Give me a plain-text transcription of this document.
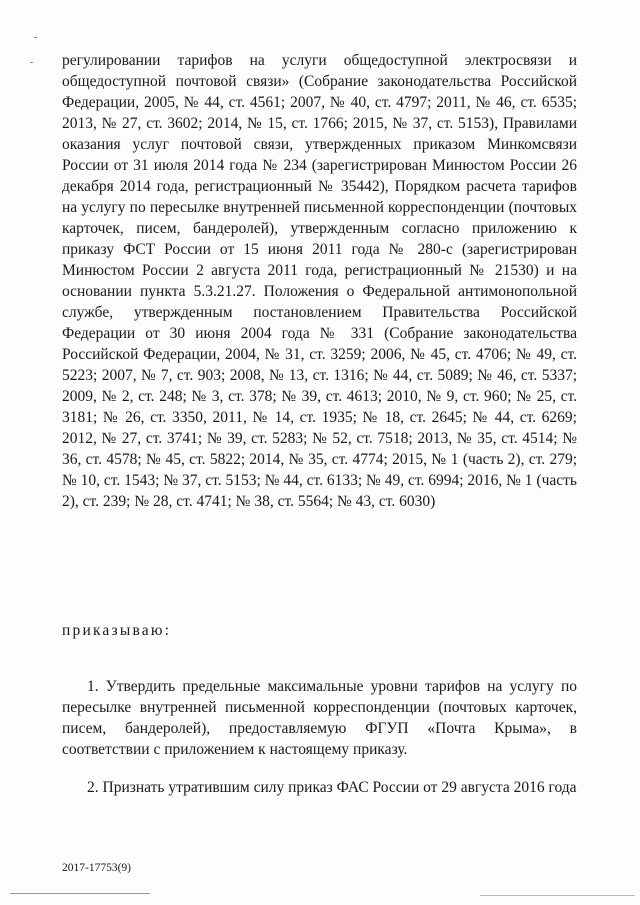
регулировании тарифов на услуги общедоступной электросвязи и общедоступной почтовой связи» (Собрание законодательства Российской Федерации, 2005, № 44, ст. 4561; 2007, № 40, ст. 4797; 2011, № 46, ст. 6535; 2013, № 27, ст. 3602; 2014, № 15, ст. 1766; 2015, № 37, ст. 5153), Правилами оказания услуг почтовой связи, утвержденных приказом Минкомсвязи России от 31 июля 2014 года № 234 (зарегистрирован Минюстом России 26 декабря 2014 года, регистрационный № 35442), Порядком расчета тарифов на услугу по пересылке внутренней письменной корреспонденции (почтовых карточек, писем, бандеролей), утвержденным согласно приложению к приказу ФСТ России от 15 июня 2011 года № 280-с (зарегистрирован Минюстом России 2 августа 2011 года, регистрационный № 21530) и на основании пункта 5.3.21.27. Положения о Федеральной антимонопольной службе, утвержденным постановлением Правительства Российской Федерации от 30 июня 2004 года № 331 (Собрание законодательства Российской Федерации, 2004, № 31, ст. 3259; 2006, № 45, ст. 4706; № 49, ст. 5223; 2007, № 7, ст. 903; 2008, № 13, ст. 1316; № 44, ст. 5089; № 46, ст. 5337; 2009, № 2, ст. 248; № 3, ст. 378; № 39, ст. 4613; 2010, № 9, ст. 960; № 25, ст. 3181; № 26, ст. 3350, 2011, № 14, ст. 1935; № 18, ст. 2645; № 44, ст. 6269; 2012, № 27, ст. 3741; № 39, ст. 5283; № 52, ст. 7518; 2013, № 35, ст. 4514; № 36, ст. 4578; № 45, ст. 5822; 2014, № 35, ст. 4774; 2015, № 1 (часть 2), ст. 279; № 10, ст. 1543; № 37, ст. 5153; № 44, ст. 6133; № 49, ст. 6994; 2016, № 1 (часть 2), ст. 239; № 28, ст. 4741; № 38, ст. 5564; № 43, ст. 6030)

приказываю:

1. Утвердить предельные максимальные уровни тарифов на услугу по пересылке внутренней письменной корреспонденции (почтовых карточек, писем, бандеролей), предоставляемую ФГУП «Почта Крыма», в соответствии с приложением к настоящему приказу.

2. Признать утратившим силу приказ ФАС России от 29 августа 2016 года

2017-17753(9)
